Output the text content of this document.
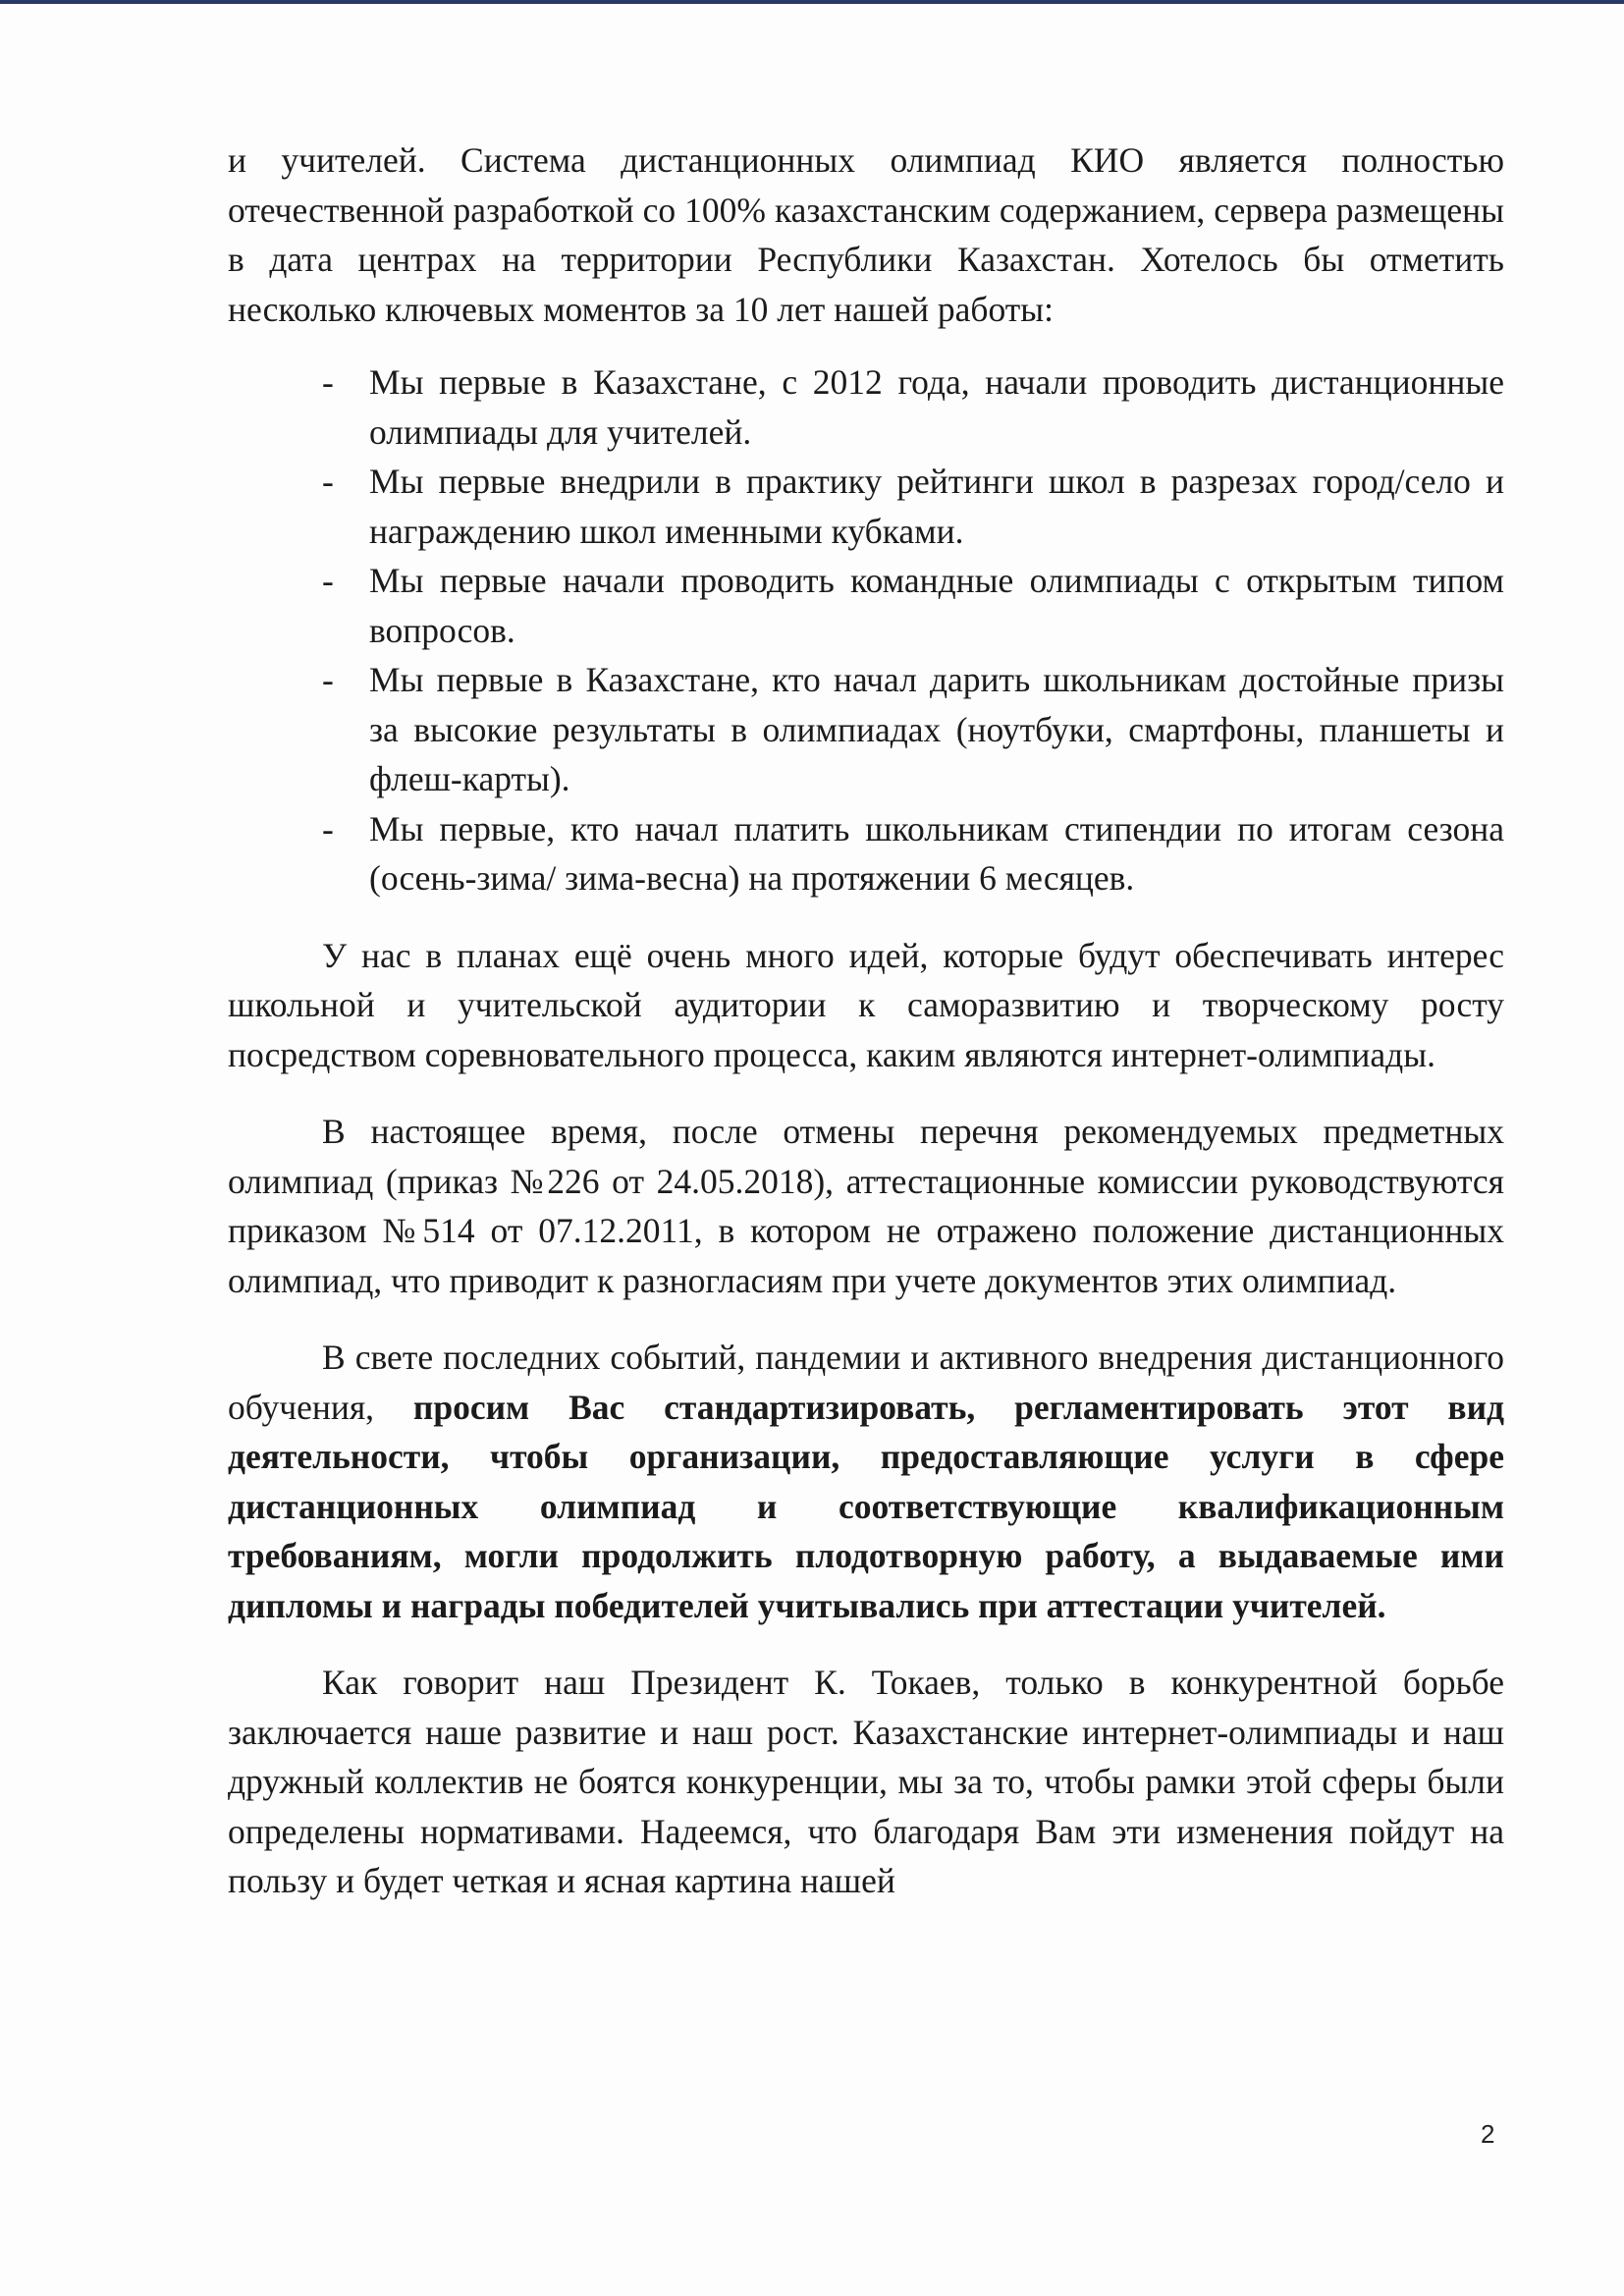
и учителей. Система дистанционных олимпиад КИО является полностью отечественной разработкой со 100% казахстанским содержанием, сервера размещены в дата центрах на территории Республики Казахстан. Хотелось бы отметить несколько ключевых моментов за 10 лет нашей работы:

- Мы первые в Казахстане, с 2012 года, начали проводить дистанционные олимпиады для учителей.
- Мы первые внедрили в практику рейтинги школ в разрезах город/село и награждению школ именными кубками.
- Мы первые начали проводить командные олимпиады с открытым типом вопросов.
- Мы первые в Казахстане, кто начал дарить школьникам достойные призы за высокие результаты в олимпиадах (ноутбуки, смартфоны, планшеты и флеш-карты).
- Мы первые, кто начал платить школьникам стипендии по итогам сезона (осень-зима/ зима-весна) на протяжении 6 месяцев.

У нас в планах ещё очень много идей, которые будут обеспечивать интерес школьной и учительской аудитории к саморазвитию и творческому росту посредством соревновательного процесса, каким являются интернет-олимпиады.

В настоящее время, после отмены перечня рекомендуемых предметных олимпиад (приказ №226 от 24.05.2018), аттестационные комиссии руководствуются приказом №514 от 07.12.2011, в котором не отражено положение дистанционных олимпиад, что приводит к разногласиям при учете документов этих олимпиад.

В свете последних событий, пандемии и активного внедрения дистанционного обучения, просим Вас стандартизировать, регламентировать этот вид деятельности, чтобы организации, предоставляющие услуги в сфере дистанционных олимпиад и соответствующие квалификационным требованиям, могли продолжить плодотворную работу, а выдаваемые ими дипломы и награды победителей учитывались при аттестации учителей.

Как говорит наш Президент К. Токаев, только в конкурентной борьбе заключается наше развитие и наш рост. Казахстанские интернет-олимпиады и наш дружный коллектив не боятся конкуренции, мы за то, чтобы рамки этой сферы были определены нормативами. Надеемся, что благодаря Вам эти изменения пойдут на пользу и будет четкая и ясная картина нашей

2
